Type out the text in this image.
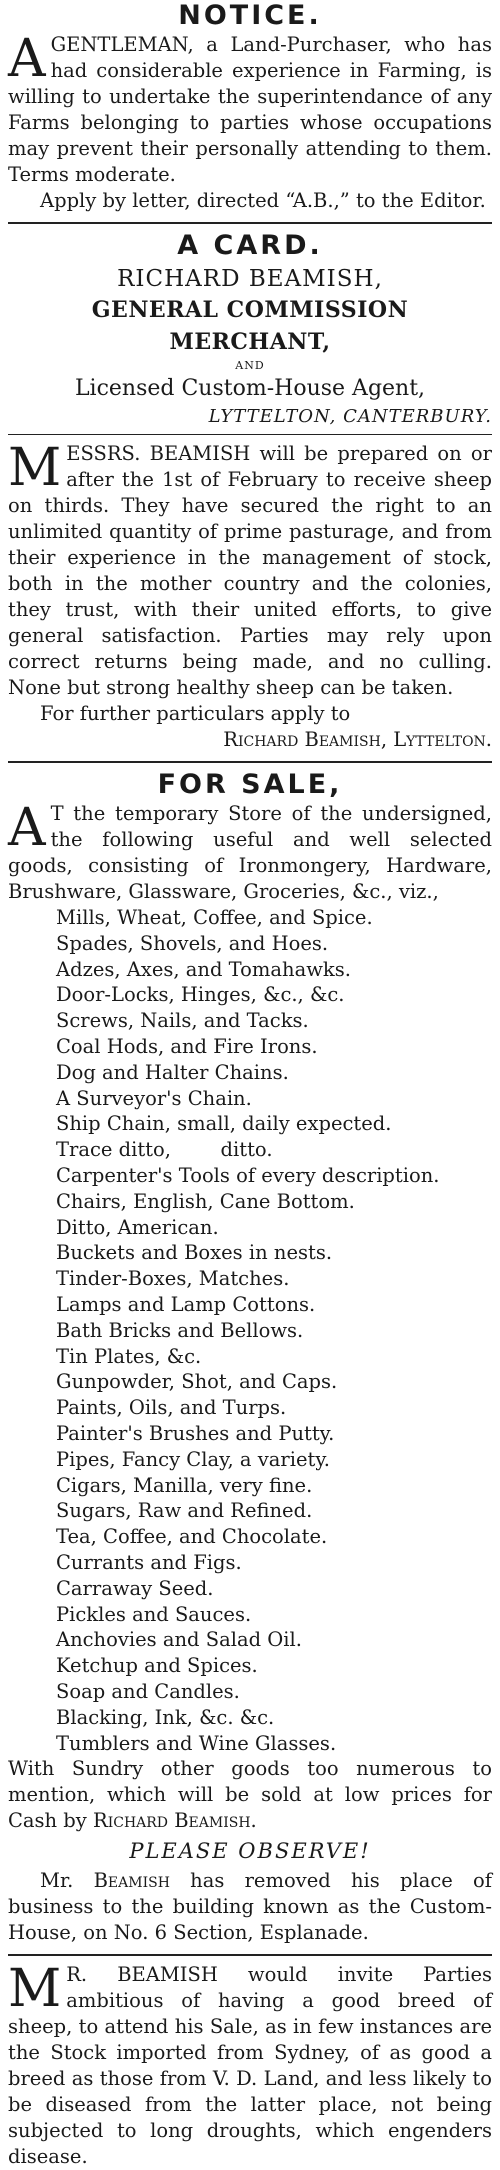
NOTICE.
A GENTLEMAN, a Land-Purchaser, who has had considerable experience in Farming, is willing to undertake the superintendance of any Farms belonging to parties whose occupations may prevent their personally attending to them. Terms moderate.

Apply by letter, directed “A.B.,” to the Editor.

A CARD.

RICHARD BEAMISH,

GENERAL COMMISSION MERCHANT,

AND

Licensed Custom-House Agent,

LYTTELTON, CANTERBURY.

M ESSRS. BEAMISH will be prepared on or after the 1st of February to receive sheep on thirds. They have secured the right to an unlimited quantity of prime pasturage, and from their experience in the management of stock, both in the mother country and the colonies, they trust, with their united efforts, to give general satisfaction. Parties may rely upon correct returns being made, and no culling. None but strong healthy sheep can be taken.

For further particulars apply to

Richard Beamish, Lyttelton.

FOR SALE,
A T the temporary Store of the undersigned, the following useful and well selected goods, consisting of Ironmongery, Hardware, Brushware, Glassware, Groceries, &c., viz.,

Mills, Wheat, Coffee, and Spice.
Spades, Shovels, and Hoes.
Adzes, Axes, and Tomahawks.
Door-Locks, Hinges, &c., &c.
Screws, Nails, and Tacks.
Coal Hods, and Fire Irons.
Dog and Halter Chains.
A Surveyor's Chain.
Ship Chain, small, daily expected.
Trace ditto,        ditto.
Carpenter's Tools of every description.
Chairs, English, Cane Bottom.
Ditto, American.
Buckets and Boxes in nests.
Tinder-Boxes, Matches.
Lamps and Lamp Cottons.
Bath Bricks and Bellows.
Tin Plates, &c.
Gunpowder, Shot, and Caps.
Paints, Oils, and Turps.
Painter's Brushes and Putty.
Pipes, Fancy Clay, a variety.
Cigars, Manilla, very fine.
Sugars, Raw and Refined.
Tea, Coffee, and Chocolate.
Currants and Figs.
Carraway Seed.
Pickles and Sauces.
Anchovies and Salad Oil.
Ketchup and Spices.
Soap and Candles.
Blacking, Ink, &c. &c.
Tumblers and Wine Glasses.

With Sundry other goods too numerous to mention, which will be sold at low prices for Cash by Richard Beamish.

PLEASE OBSERVE!

Mr. Beamish has removed his place of business to the building known as the Custom-House, on No. 6 Section, Esplanade.

M R. BEAMISH would invite Parties ambitious of having a good breed of sheep, to attend his Sale, as in few instances are the Stock imported from Sydney, of as good a breed as those from V. D. Land, and less likely to be diseased from the latter place, not being subjected to long droughts, which engenders disease.
